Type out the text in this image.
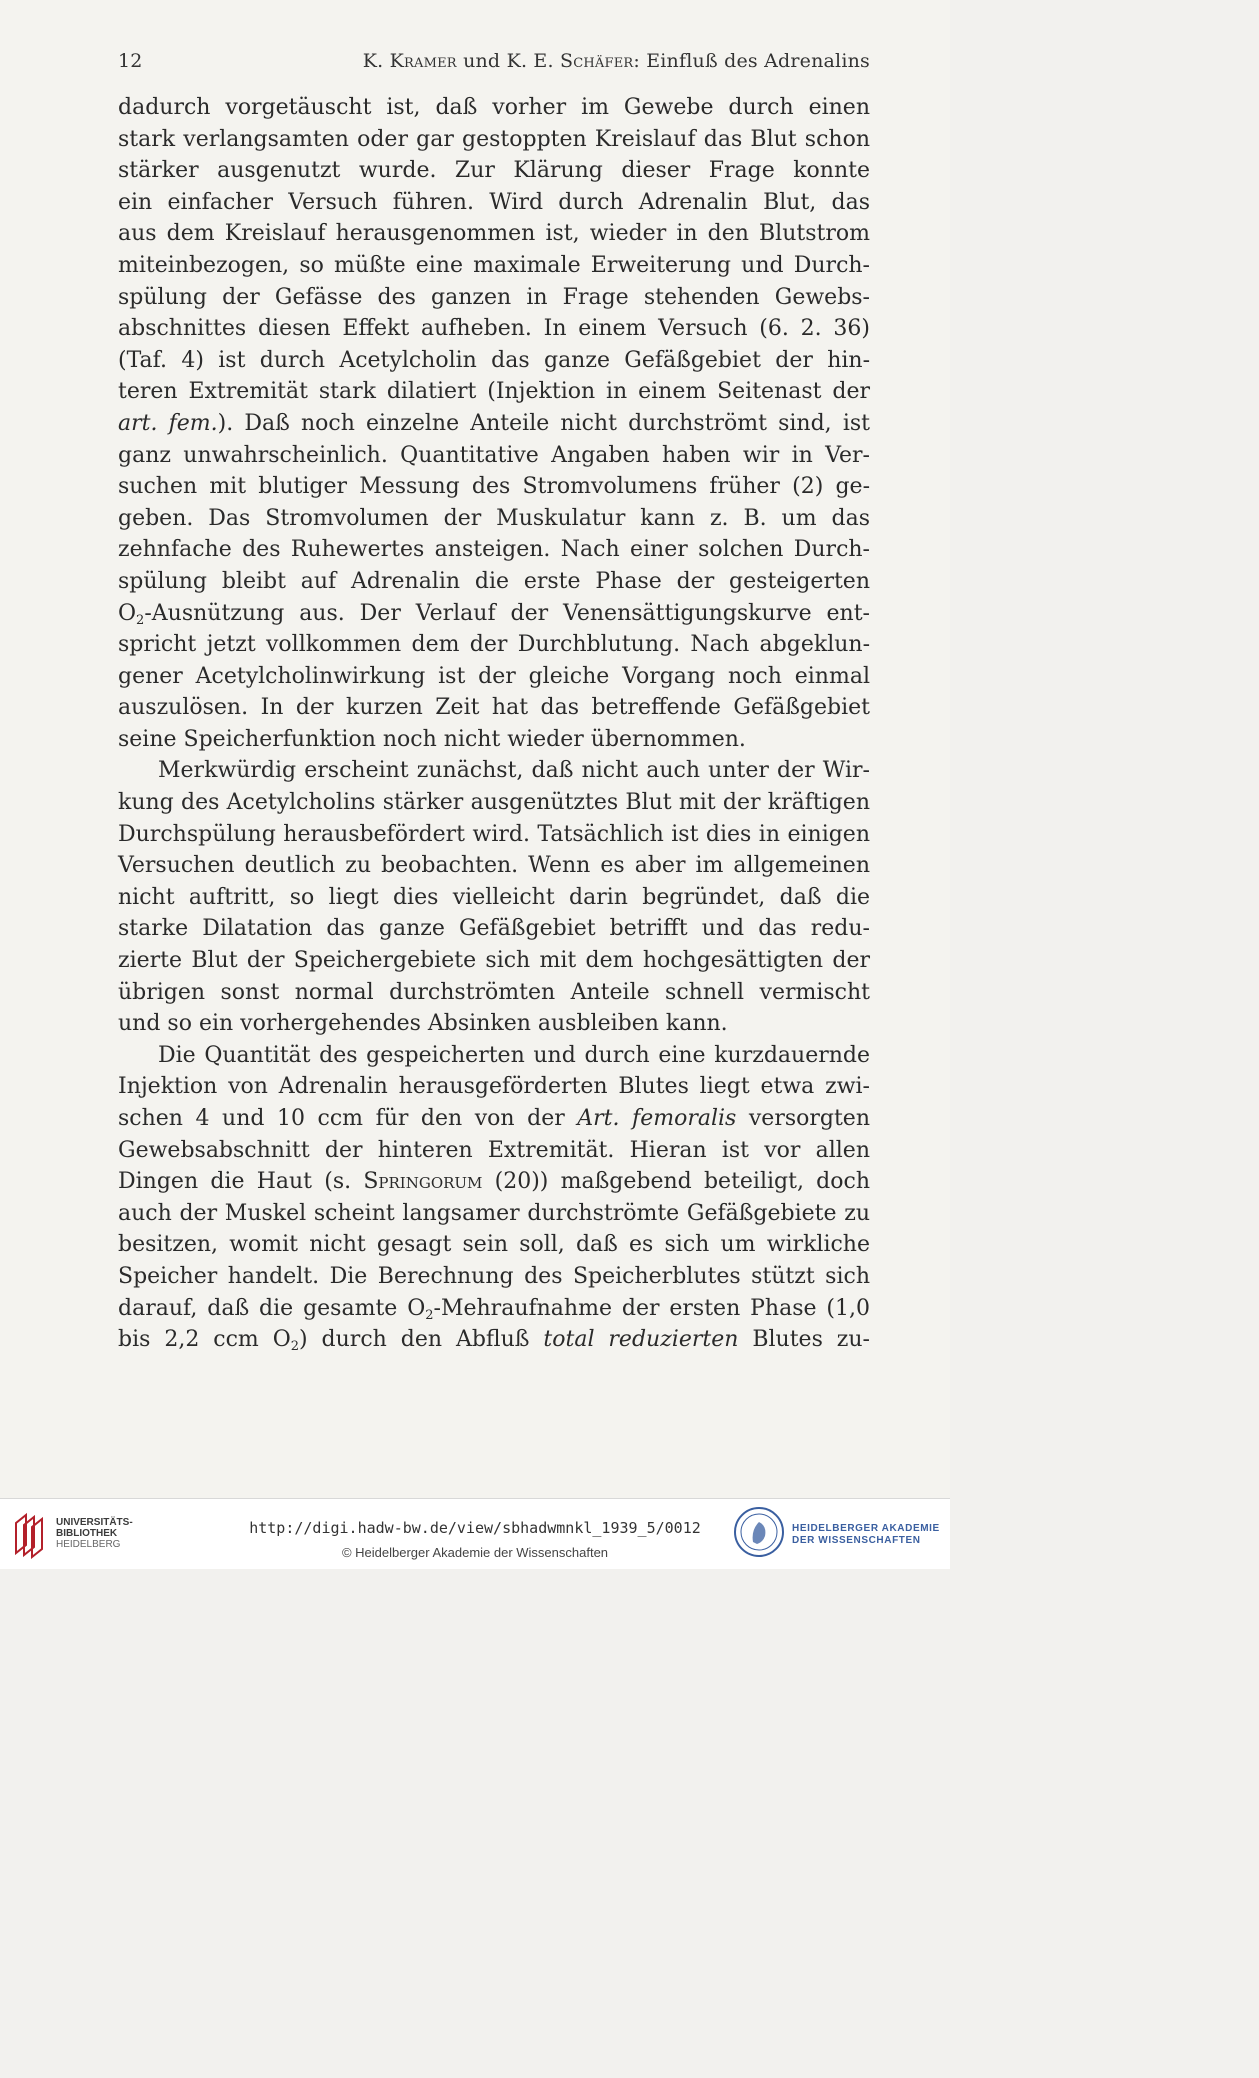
12	K. Kramer und K. E. Schäfer: Einfluß des Adrenalins

dadurch vorgetäuscht ist, daß vorher im Gewebe durch einen
stark verlangsamten oder gar gestoppten Kreislauf das Blut schon
stärker ausgenutzt wurde. Zur Klärung dieser Frage konnte
ein einfacher Versuch führen. Wird durch Adrenalin Blut, das
aus dem Kreislauf herausgenommen ist, wieder in den Blutstrom
miteinbezogen, so müßte eine maximale Erweiterung und Durch-
spülung der Gefässe des ganzen in Frage stehenden Gewebs-
abschnittes diesen Effekt aufheben. In einem Versuch (6. 2. 36)
(Taf. 4) ist durch Acetylcholin das ganze Gefäßgebiet der hin-
teren Extremität stark dilatiert (Injektion in einem Seitenast der
art. fem.). Daß noch einzelne Anteile nicht durchströmt sind, ist
ganz unwahrscheinlich. Quantitative Angaben haben wir in Ver-
suchen mit blutiger Messung des Stromvolumens früher (2) ge-
geben. Das Stromvolumen der Muskulatur kann z. B. um das
zehnfache des Ruhewertes ansteigen. Nach einer solchen Durch-
spülung bleibt auf Adrenalin die erste Phase der gesteigerten
$O_2$-Ausnützung aus. Der Verlauf der Venensättigungskurve ent-
spricht jetzt vollkommen dem der Durchblutung. Nach abgeklun-
gener Acetylcholinwirkung ist der gleiche Vorgang noch einmal
auszulösen. In der kurzen Zeit hat das betreffende Gefäßgebiet
seine Speicherfunktion noch nicht wieder übernommen.

Merkwürdig erscheint zunächst, daß nicht auch unter der Wir-
kung des Acetylcholins stärker ausgenütztes Blut mit der kräftigen
Durchspülung herausbefördert wird. Tatsächlich ist dies in einigen
Versuchen deutlich zu beobachten. Wenn es aber im allgemeinen
nicht auftritt, so liegt dies vielleicht darin begründet, daß die
starke Dilatation das ganze Gefäßgebiet betrifft und das redu-
zierte Blut der Speichergebiete sich mit dem hochgesättigten der
übrigen sonst normal durchströmten Anteile schnell vermischt
und so ein vorhergehendes Absinken ausbleiben kann.

Die Quantität des gespeicherten und durch eine kurzdauernde
Injektion von Adrenalin herausgeförderten Blutes liegt etwa zwi-
schen 4 und 10 ccm für den von der Art. femoralis versorgten
Gewebsabschnitt der hinteren Extremität. Hieran ist vor allen
Dingen die Haut (s. Springorum (20)) maßgebend beteiligt, doch
auch der Muskel scheint langsamer durchströmte Gefäßgebiete zu
besitzen, womit nicht gesagt sein soll, daß es sich um wirkliche
Speicher handelt. Die Berechnung des Speicherblutes stützt sich
darauf, daß die gesamte $O_2$-Mehraufnahme der ersten Phase (1,0
bis 2,2 ccm $O_2$) durch den Abfluß total reduzierten Blutes zu-

UNIVERSITÄTS-
BIBLIOTHEK
HEIDELBERG
http://digi.hadw-bw.de/view/sbhadwmnkl_1939_5/0012
© Heidelberger Akademie der Wissenschaften
HEIDELBERGER AKADEMIE
DER WISSENSCHAFTEN
